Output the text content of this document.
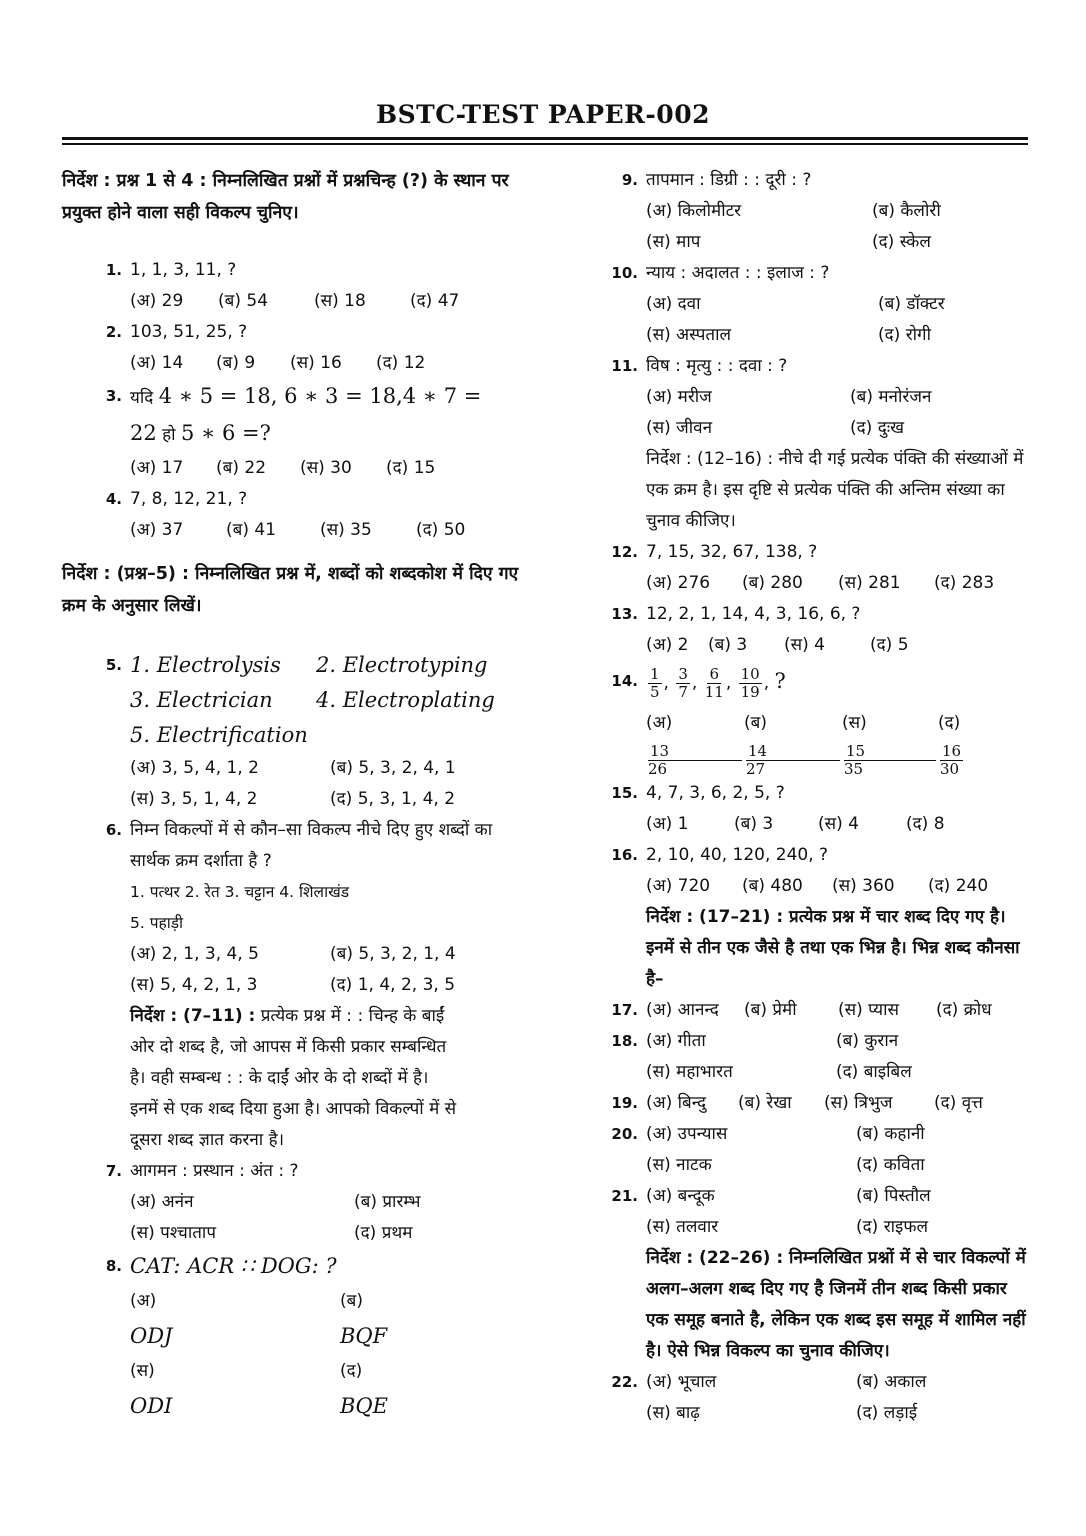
BSTC-TEST PAPER-002
निर्देश : प्रश्न 1 से 4 : निम्नलिखित प्रश्नों में प्रश्नचिन्ह (?) के स्थान पर प्रयुक्त होने वाला सही विकल्प चुनिए।
1. 1, 1, 3, 11, ?
(अ) 29	(ब) 54	(स) 18	(द) 47
2. 103, 51, 25, ?
(अ) 14	(ब) 9	(स) 16	(द) 12
3. यदि 4 ∗ 5 = 18, 6 ∗ 3 = 18,4 ∗ 7 =
22 हो 5 ∗ 6 =?
(अ) 17	(ब) 22	(स) 30	(द) 15
4. 7, 8, 12, 21, ?
(अ) 37	(ब) 41	(स) 35	(द) 50
निर्देश : (प्रश्न–5) : निम्नलिखित प्रश्न में, शब्दों को शब्दकोश में दिए गए क्रम के अनुसार लिखें।
5. 1. Electrolysis	2. Electrotyping
3. Electrician	4. Electroplating
5. Electrification
(अ) 3, 5, 4, 1, 2	(ब) 5, 3, 2, 4, 1
(स) 3, 5, 1, 4, 2	(द) 5, 3, 1, 4, 2
6. निम्न विकल्पों में से कौन–सा विकल्प नीचे दिए हुए शब्दों का सार्थक क्रम दर्शाता है ?
1. पत्थर 2. रेत 3. चट्टान 4. शिलाखंड
5. पहाड़ी
(अ) 2, 1, 3, 4, 5	(ब) 5, 3, 2, 1, 4
(स) 5, 4, 2, 1, 3	(द) 1, 4, 2, 3, 5
निर्देश : (7–11) : प्रत्येक प्रश्न में : : चिन्ह के बाईं ओर दो शब्द है, जो आपस में किसी प्रकार सम्बन्धित है। वही सम्बन्ध : : के दाईं ओर के दो शब्दों में है। इनमें से एक शब्द दिया हुआ है। आपको विकल्पों में से दूसरा शब्द ज्ञात करना है।
7. आगमन : प्रस्थान : अंत : ?
(अ) अनंन	(ब) प्रारम्भ
(स) पश्चाताप	(द) प्रथम
8. CAT: ACR ∷ DOG: ?
(अ)
ODJ
(ब)
BQF
(स)
ODI
(द)
BQE
9. तापमान : डिग्री : : दूरी : ?
(अ) किलोमीटर	(ब) कैलोरी
(स) माप	(द) स्केल
10. न्याय : अदालत : : इलाज : ?
(अ) दवा	(ब) डॉक्टर
(स) अस्पताल	(द) रोगी
11. विष : मृत्यु : : दवा : ?
(अ) मरीज	(ब) मनोरंजन
(स) जीवन	(द) दुःख
निर्देश : (12–16) : नीचे दी गई प्रत्येक पंक्ति की संख्याओं में एक क्रम है। इस दृष्टि से प्रत्येक पंक्ति की अन्तिम संख्या का चुनाव कीजिए।
12. 7, 15, 32, 67, 138, ?
(अ) 276	(ब) 280	(स) 281	(द) 283
13. 12, 2, 1, 14, 4, 3, 16, 6, ?
(अ) 2	(ब) 3	(स) 4	(द) 5
14. $\frac{1}{5}$ , $\frac{3}{7}$ , $\frac{6}{11}$ , $\frac{10}{19}$ , ?
(अ)
13
26
(ब)
14
27
(स)
15
35
(द)
16
30
15. 4, 7, 3, 6, 2, 5, ?
(अ) 1	(ब) 3	(स) 4	(द) 8
16. 2, 10, 40, 120, 240, ?
(अ) 720	(ब) 480	(स) 360	(द) 240
निर्देश : (17–21) : प्रत्येक प्रश्न में चार शब्द दिए गए है। इनमें से तीन एक जैसे है तथा एक भिन्न है। भिन्न शब्द कौनसा है–
17. (अ) आनन्द	(ब) प्रेमी	(स) प्यास	(द) क्रोध
18. (अ) गीता	(ब) कुरान
(स) महाभारत	(द) बाइबिल
19. (अ) बिन्दु	(ब) रेखा	(स) त्रिभुज	(द) वृत्त
20. (अ) उपन्यास	(ब) कहानी
(स) नाटक	(द) कविता
21. (अ) बन्दूक	(ब) पिस्तौल
(स) तलवार	(द) राइफल
निर्देश : (22–26) : निम्नलिखित प्रश्नों में से चार विकल्पों में अलग–अलग शब्द दिए गए है जिनमें तीन शब्द किसी प्रकार एक समूह बनाते है, लेकिन एक शब्द इस समूह में शामिल नहीं है। ऐसे भिन्न विकल्प का चुनाव कीजिए।
22. (अ) भूचाल	(ब) अकाल
(स) बाढ़	(द) लड़ाई
